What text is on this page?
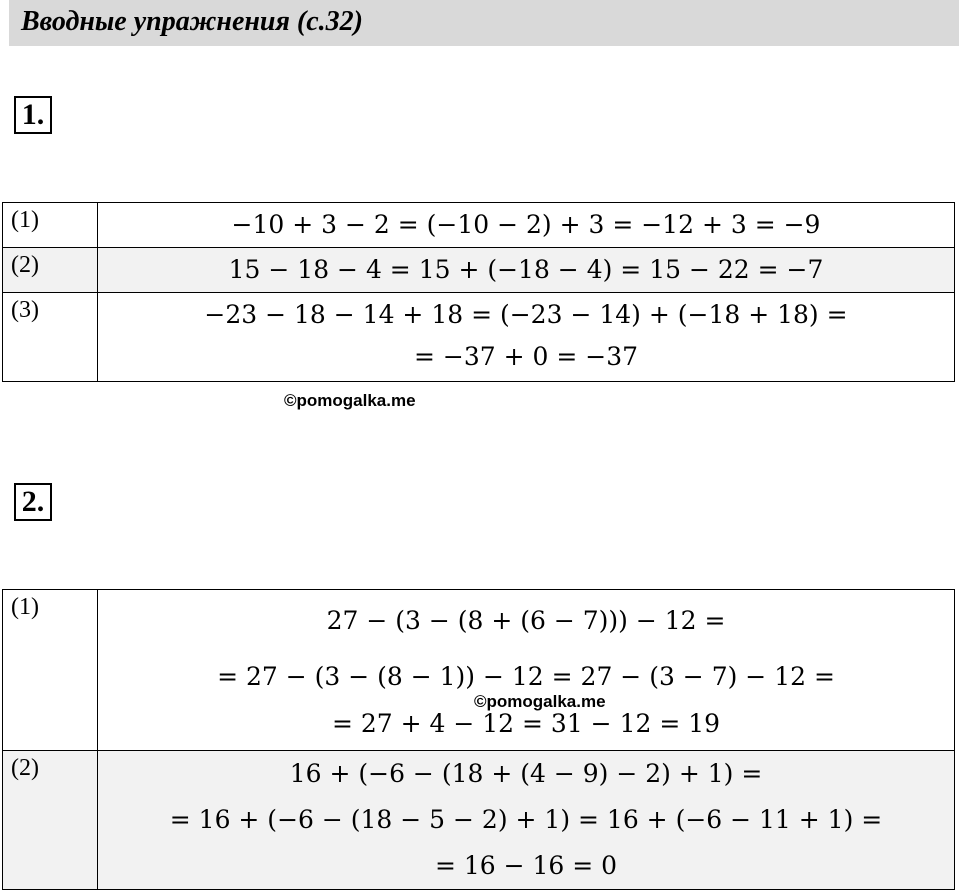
Вводные упражнения (с.32)
1.
(1)	−10 + 3 − 2 = (−10 − 2) + 3 = −12 + 3 = −9

(2)	15 − 18 − 4 = 15 + (−18 − 4) = 15 − 22 = −7

(3)	−23 − 18 − 14 + 18 = (−23 − 14) + (−18 + 18) =
= −37 + 0 = −37
©pomogalka.me
2.
(1)	27 − (3 − (8 + (6 − 7))) − 12 =
= 27 − (3 − (8 − 1)) − 12 = 27 − (3 − 7) − 12 =
= 27 + 4 − 12 = 31 − 12 = 19

(2)	16 + (−6 − (18 + (4 − 9) − 2) + 1) =
= 16 + (−6 − (18 − 5 − 2) + 1) = 16 + (−6 − 11 + 1) =
= 16 − 16 = 0
©pomogalka.me
